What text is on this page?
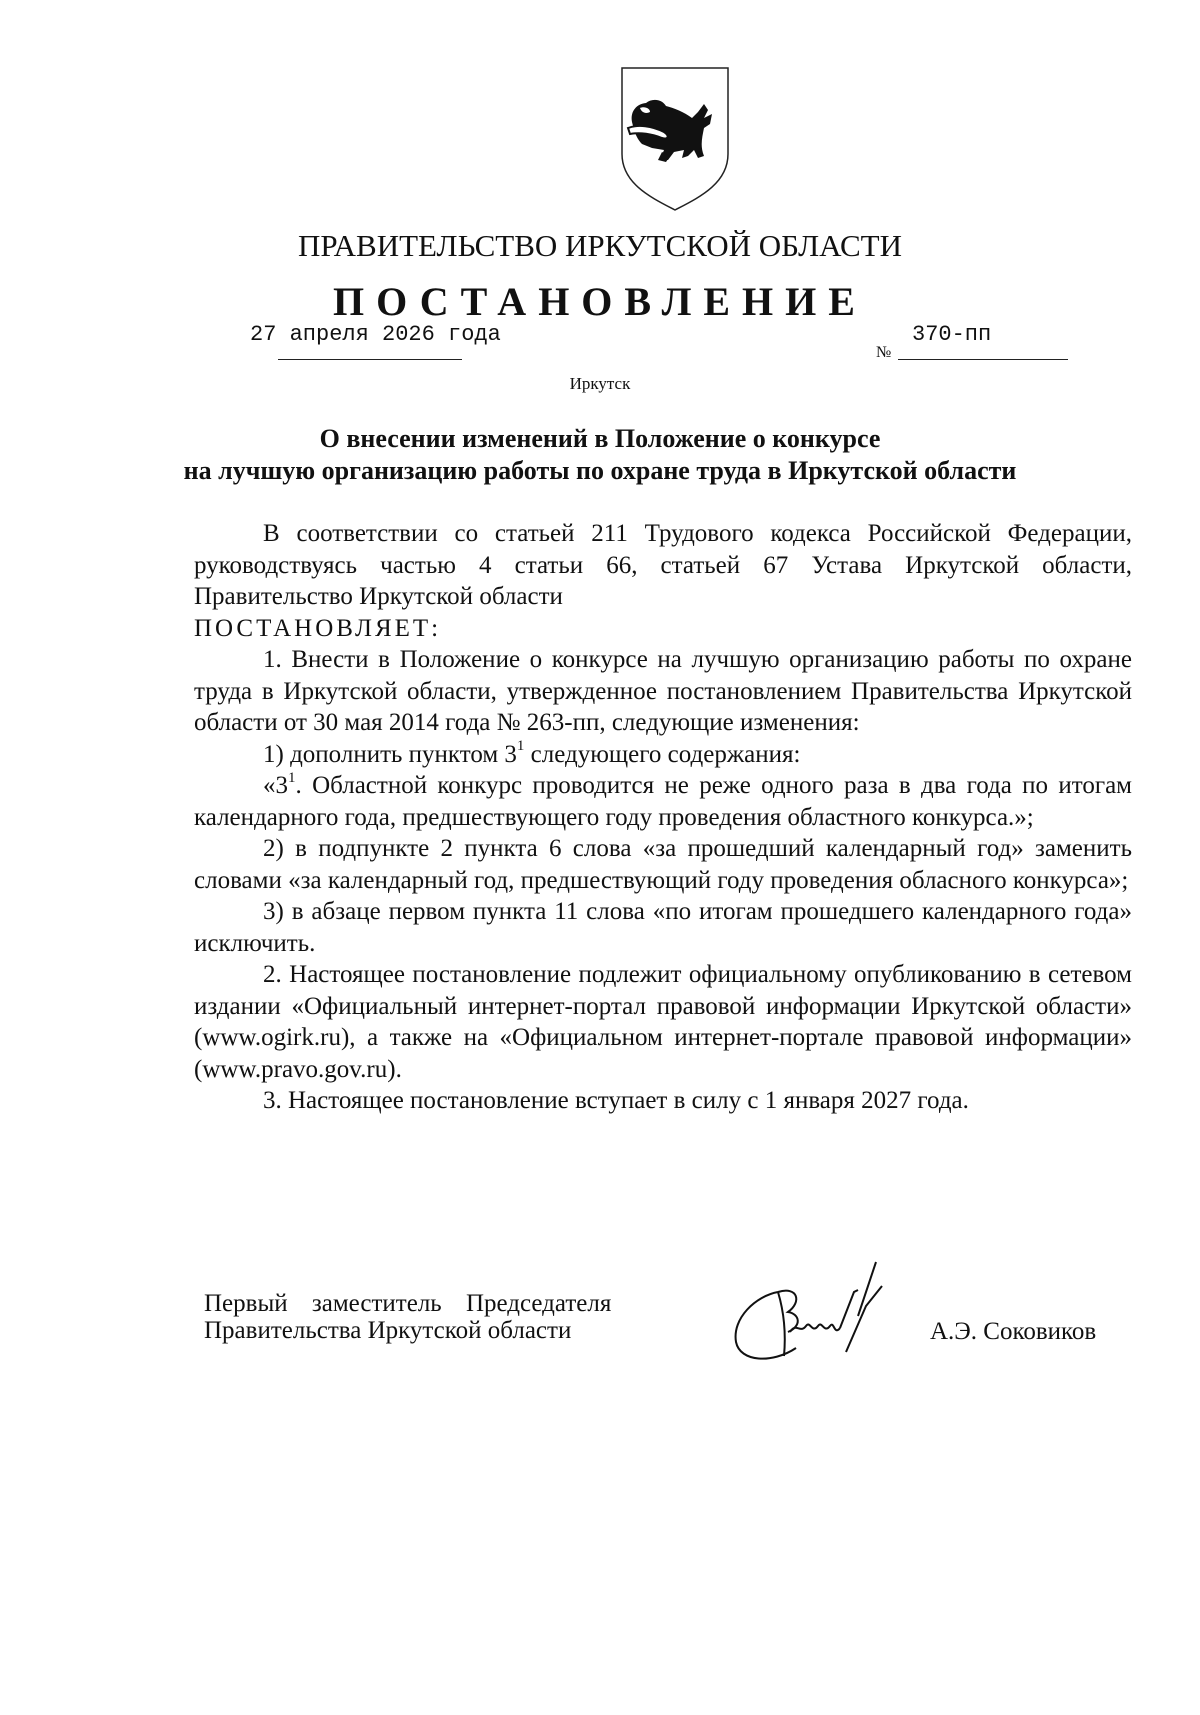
ПРАВИТЕЛЬСТВО ИРКУТСКОЙ ОБЛАСТИ
ПОСТАНОВЛЕНИЕ
27 апреля 2026 года
№
370-пп
Иркутск
О внесении изменений в Положение о конкурсе
на лучшую организацию работы по охране труда в Иркутской области

В соответствии со статьей 211 Трудового кодекса Российской Федерации, руководствуясь частью 4 статьи 66, статьей 67 Устава Иркутской области, Правительство Иркутской области

ПОСТАНОВЛЯЕТ:

1. Внести в Положение о конкурсе на лучшую организацию работы по охране труда в Иркутской области, утвержденное постановлением Правительства Иркутской области от 30 мая 2014 года № 263-пп, следующие изменения:

1) дополнить пунктом $3^1$ следующего содержания:

«$3^1$. Областной конкурс проводится не реже одного раза в два года по итогам календарного года, предшествующего году проведения областного конкурса.»;

2) в подпункте 2 пункта 6 слова «за прошедший календарный год» заменить словами «за календарный год, предшествующий году проведения обласного конкурса»;

3) в абзаце первом пункта 11 слова «по итогам прошедшего календарного года» исключить.

2. Настоящее постановление подлежит официальному опубликованию в сетевом издании «Официальный интернет-портал правовой информации Иркутской области» (www.ogirk.ru), а также на «Официальном интернет-портале правовой информации» (www.pravo.gov.ru).

3. Настоящее постановление вступает в силу с 1 января 2027 года.

Первый заместитель Председателя
Правительства Иркутской области	А.Э. Соковиков
